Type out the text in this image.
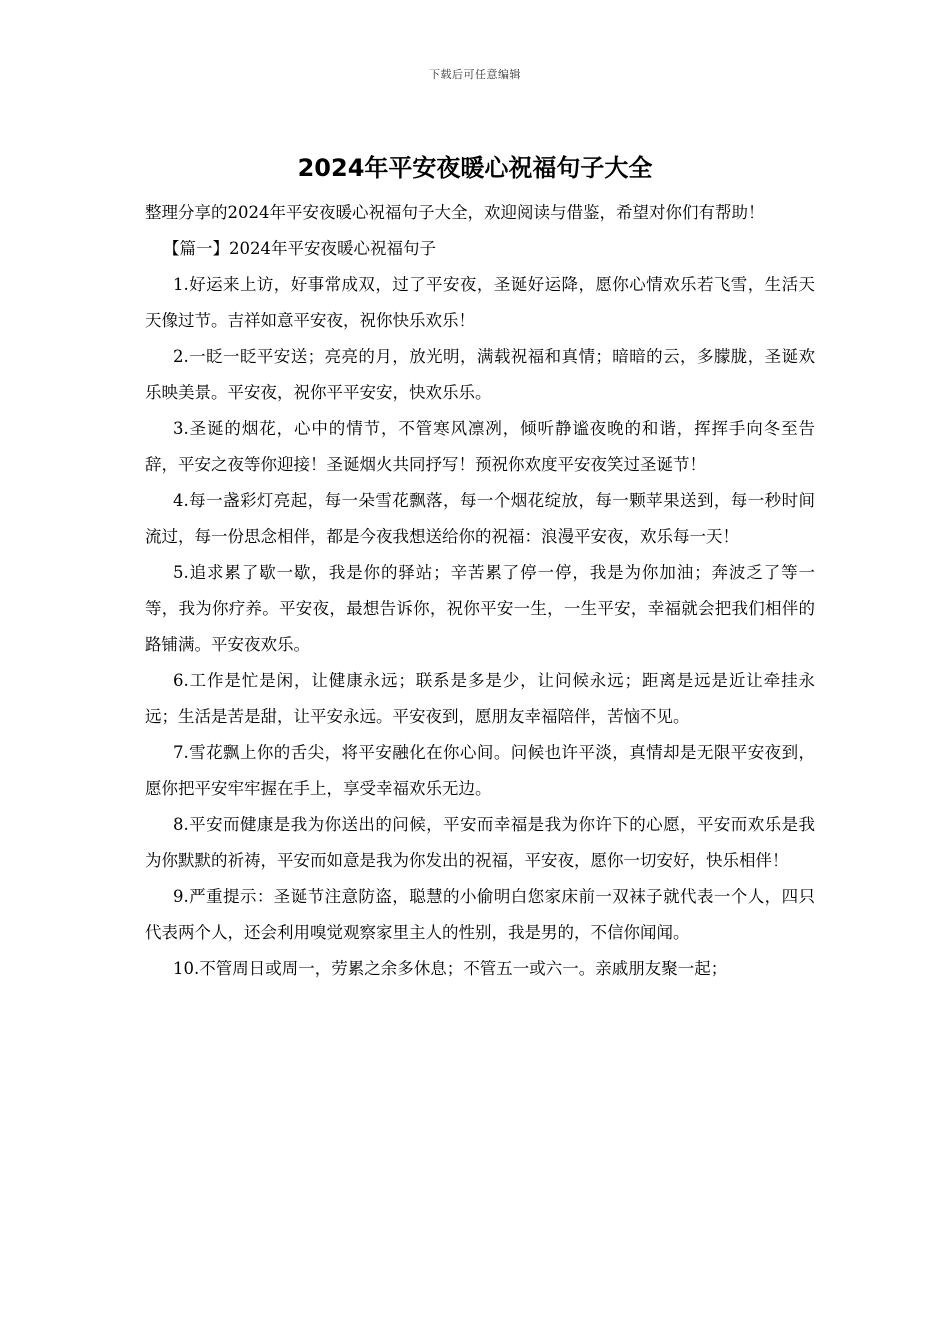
下载后可任意编辑
2024年平安夜暖心祝福句子大全

整理分享的2024年平安夜暖心祝福句子大全，欢迎阅读与借鉴，希望对你们有帮助！

【篇一】2024年平安夜暖心祝福句子

1.好运来上访，好事常成双，过了平安夜，圣诞好运降，愿你心情欢乐若飞雪，生活天天像过节。吉祥如意平安夜，祝你快乐欢乐！

2.一眨一眨平安送；亮亮的月，放光明，满载祝福和真情；暗暗的云，多朦胧，圣诞欢乐映美景。平安夜，祝你平平安安，快欢乐乐。

3.圣诞的烟花，心中的情节，不管寒风凛冽，倾听静谧夜晚的和谐，挥挥手向冬至告辞，平安之夜等你迎接！圣诞烟火共同抒写！预祝你欢度平安夜笑过圣诞节！

4.每一盏彩灯亮起，每一朵雪花飘落，每一个烟花绽放，每一颗苹果送到，每一秒时间流过，每一份思念相伴，都是今夜我想送给你的祝福：浪漫平安夜，欢乐每一天！

5.追求累了歇一歇，我是你的驿站；辛苦累了停一停，我是为你加油；奔波乏了等一等，我为你疗养。平安夜，最想告诉你，祝你平安一生，一生平安，幸福就会把我们相伴的路铺满。平安夜欢乐。

6.工作是忙是闲，让健康永远；联系是多是少，让问候永远；距离是远是近让牵挂永远；生活是苦是甜，让平安永远。平安夜到，愿朋友幸福陪伴，苦恼不见。

7.雪花飘上你的舌尖，将平安融化在你心间。问候也许平淡，真情却是无限平安夜到，愿你把平安牢牢握在手上，享受幸福欢乐无边。

8.平安而健康是我为你送出的问候，平安而幸福是我为你许下的心愿，平安而欢乐是我为你默默的祈祷，平安而如意是我为你发出的祝福，平安夜，愿你一切安好，快乐相伴！

9.严重提示：圣诞节注意防盗，聪慧的小偷明白您家床前一双袜子就代表一个人，四只代表两个人，还会利用嗅觉观察家里主人的性别，我是男的，不信你闻闻。

10.不管周日或周一，劳累之余多休息；不管五一或六一。亲戚朋友聚一起；
